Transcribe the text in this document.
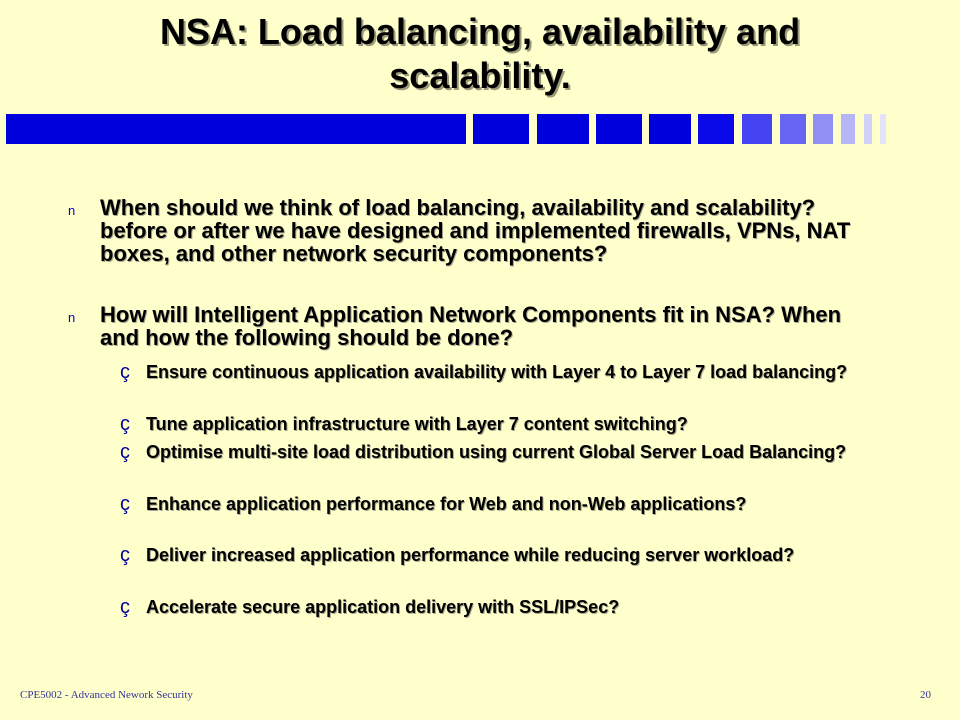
NSA: Load balancing, availability and
scalability.
n	When should we think of load balancing, availability and scalability? before or after we have designed and implemented firewalls, VPNs, NAT boxes, and other network security components?
n	How will Intelligent Application Network Components fit in NSA? When and how the following should be done?
ç Ensure continuous application availability with Layer 4 to Layer 7 load balancing?
ç Tune application infrastructure with Layer 7 content switching?
ç Optimise multi-site load distribution using current Global Server Load Balancing?
ç Enhance application performance for Web and non-Web applications?
ç Deliver increased application performance while reducing server workload?
ç Accelerate secure application delivery with SSL/IPSec?
CPE5002 - Advanced Nework Security	20
